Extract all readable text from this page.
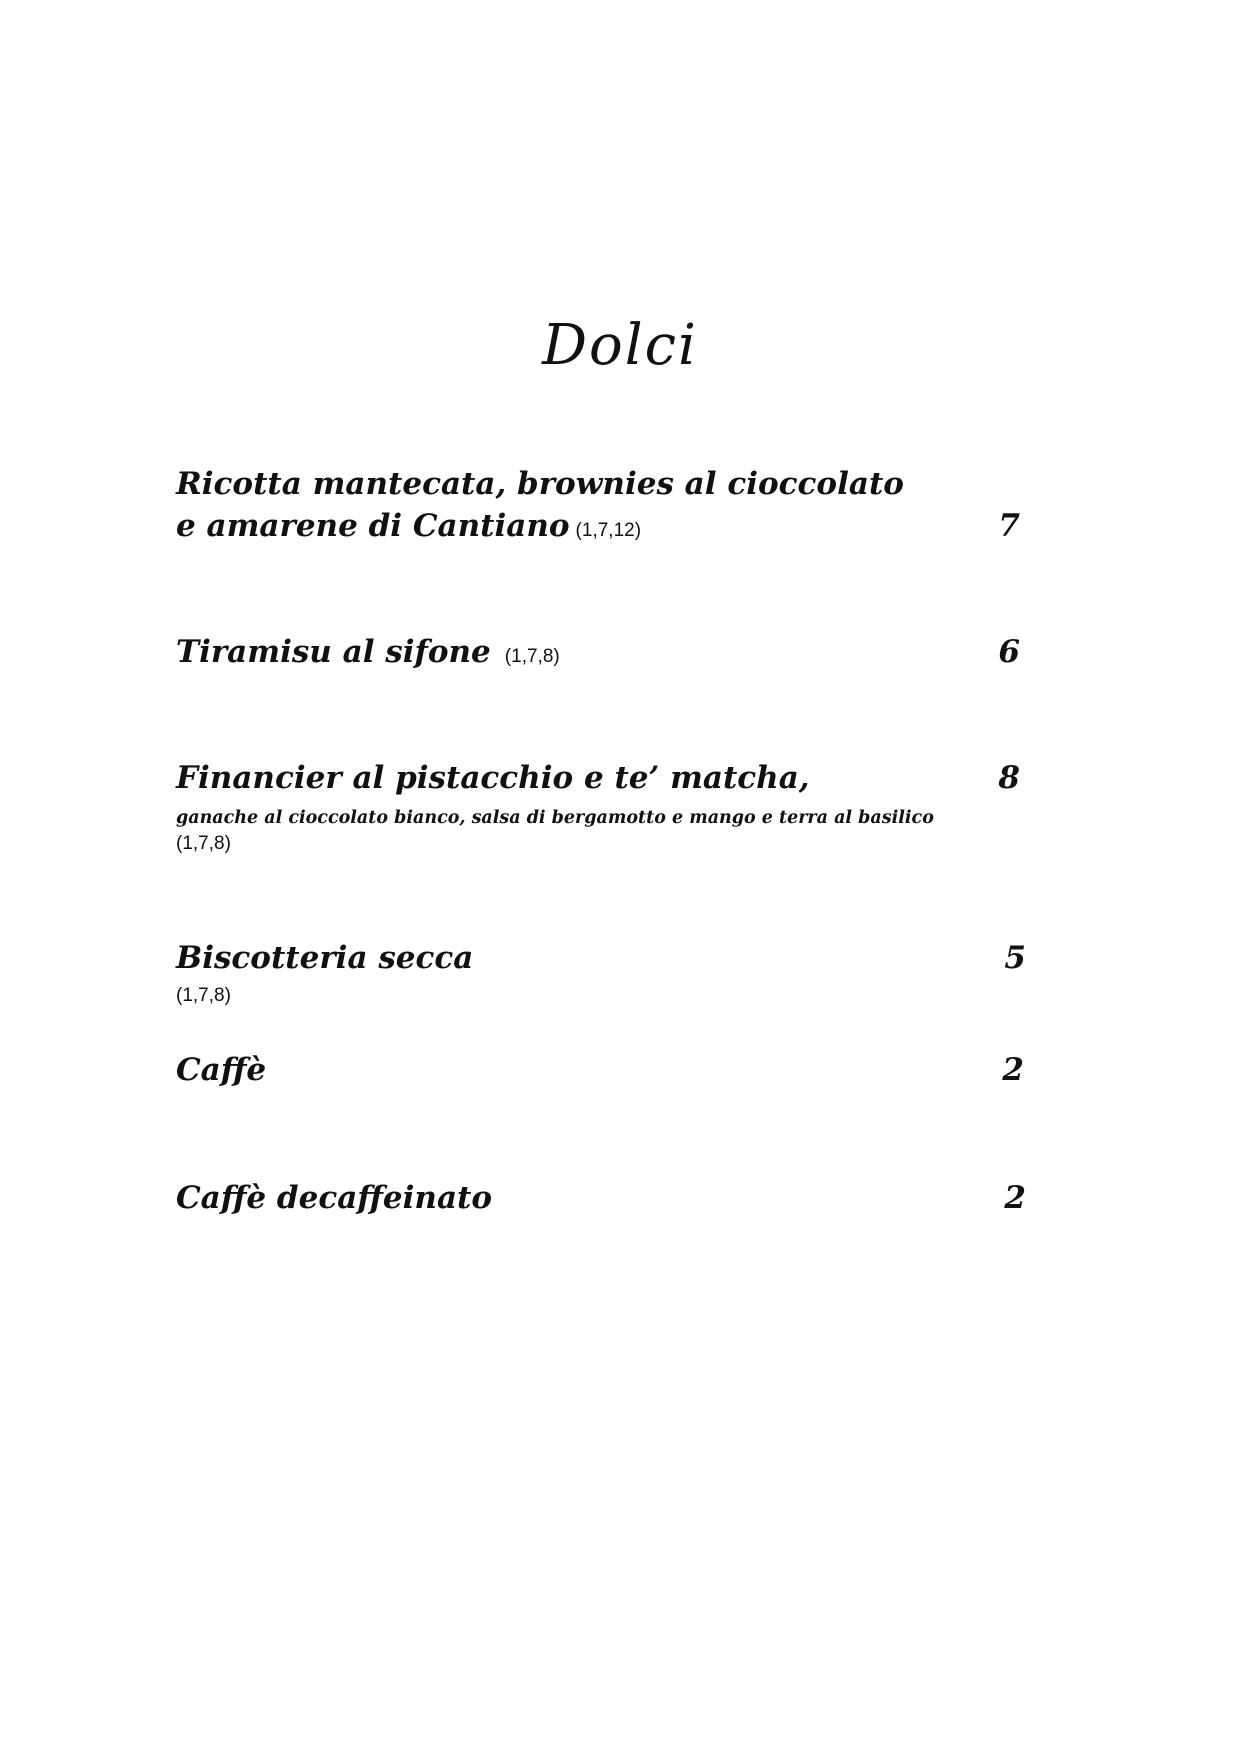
Dolci
Ricotta mantecata, brownies al cioccolato
e amarene di Cantiano (1,7,12)	7
Tiramisu al sifone (1,7,8)	6
Financier al pistacchio e te’ matcha,	8
ganache al cioccolato bianco, salsa di bergamotto e mango e terra al basilico
(1,7,8)
Biscotteria secca	5
(1,7,8)
Caffè	2
Caffè decaffeinato	2
